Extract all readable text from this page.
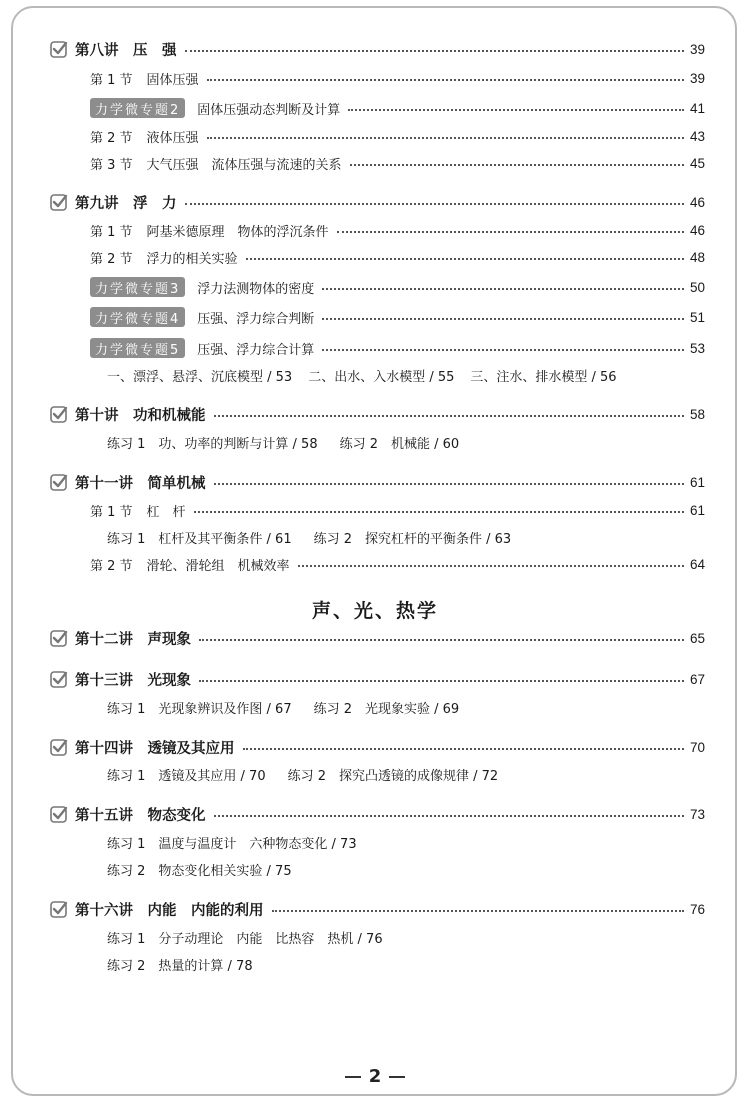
第八讲　压　强	39
第 1 节 固体压强	39
力学微专题2	固体压强动态判断及计算	41
第 2 节 液体压强	43
第 3 节 大气压强　流体压强与流速的关系	45
第九讲　浮　力	46
第 1 节 阿基米德原理　物体的浮沉条件	46
第 2 节 浮力的相关实验	48
力学微专题3	浮力法测物体的密度	50
力学微专题4	压强、浮力综合判断	51
力学微专题5	压强、浮力综合计算	53
一、漂浮、悬浮、沉底模型 / 53 二、出水、入水模型 / 55 三、注水、排水模型 / 56
第十讲　功和机械能	58
练习 1　功、功率的判断与计算 / 58 练习 2　机械能 / 60
第十一讲　简单机械	61
第 1 节 杠　杆	61
练习 1　杠杆及其平衡条件 / 61 练习 2　探究杠杆的平衡条件 / 63
第 2 节 滑轮、滑轮组　机械效率	64
声、光、热学
第十二讲　声现象	65
第十三讲　光现象	67
练习 1　光现象辨识及作图 / 67 练习 2　光现象实验 / 69
第十四讲　透镜及其应用	70
练习 1　透镜及其应用 / 70 练习 2　探究凸透镜的成像规律 / 72
第十五讲　物态变化	73
练习 1　温度与温度计　六种物态变化 / 73
练习 2　物态变化相关实验 / 75
第十六讲　内能　内能的利用	76
练习 1　分子动理论　内能　比热容　热机 / 76
练习 2　热量的计算 / 78
2
